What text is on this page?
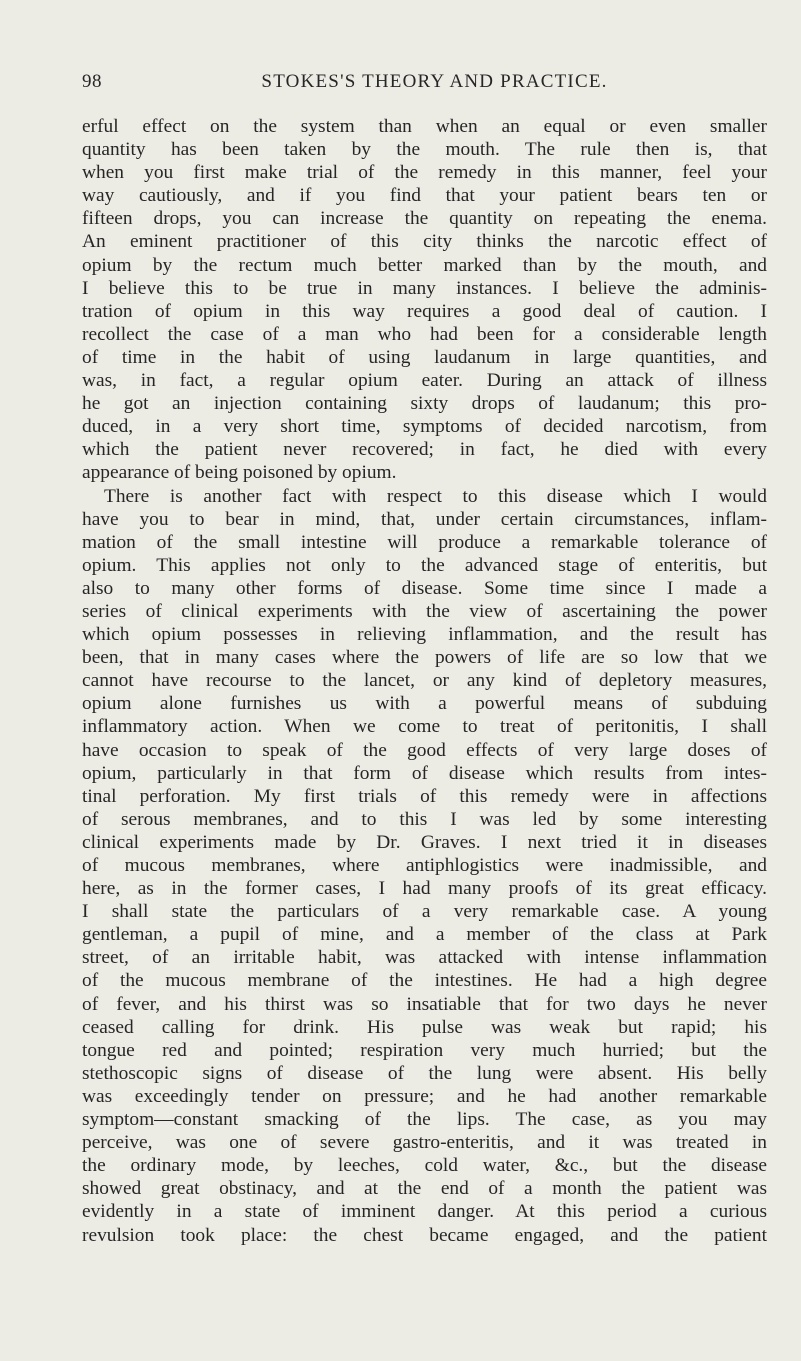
98	STOKES'S THEORY AND PRACTICE.
erful effect on the system than when an equal or even smaller
quantity has been taken by the mouth. The rule then is, that
when you first make trial of the remedy in this manner, feel your
way cautiously, and if you find that your patient bears ten or
fifteen drops, you can increase the quantity on repeating the enema.
An eminent practitioner of this city thinks the narcotic effect of
opium by the rectum much better marked than by the mouth, and
I believe this to be true in many instances. I believe the adminis-
tration of opium in this way requires a good deal of caution. I
recollect the case of a man who had been for a considerable length
of time in the habit of using laudanum in large quantities, and
was, in fact, a regular opium eater. During an attack of illness
he got an injection containing sixty drops of laudanum; this pro-
duced, in a very short time, symptoms of decided narcotism, from
which the patient never recovered; in fact, he died with every
appearance of being poisoned by opium.
There is another fact with respect to this disease which I would
have you to bear in mind, that, under certain circumstances, inflam-
mation of the small intestine will produce a remarkable tolerance of
opium. This applies not only to the advanced stage of enteritis, but
also to many other forms of disease. Some time since I made a
series of clinical experiments with the view of ascertaining the power
which opium possesses in relieving inflammation, and the result has
been, that in many cases where the powers of life are so low that we
cannot have recourse to the lancet, or any kind of depletory measures,
opium alone furnishes us with a powerful means of subduing
inflammatory action. When we come to treat of peritonitis, I shall
have occasion to speak of the good effects of very large doses of
opium, particularly in that form of disease which results from intes-
tinal perforation. My first trials of this remedy were in affections
of serous membranes, and to this I was led by some interesting
clinical experiments made by Dr. Graves. I next tried it in diseases
of mucous membranes, where antiphlogistics were inadmissible, and
here, as in the former cases, I had many proofs of its great efficacy.
I shall state the particulars of a very remarkable case. A young
gentleman, a pupil of mine, and a member of the class at Park
street, of an irritable habit, was attacked with intense inflammation
of the mucous membrane of the intestines. He had a high degree
of fever, and his thirst was so insatiable that for two days he never
ceased calling for drink. His pulse was weak but rapid; his
tongue red and pointed; respiration very much hurried; but the
stethoscopic signs of disease of the lung were absent. His belly
was exceedingly tender on pressure; and he had another remarkable
symptom—constant smacking of the lips. The case, as you may
perceive, was one of severe gastro-enteritis, and it was treated in
the ordinary mode, by leeches, cold water, &c., but the disease
showed great obstinacy, and at the end of a month the patient was
evidently in a state of imminent danger. At this period a curious
revulsion took place: the chest became engaged, and the patient
